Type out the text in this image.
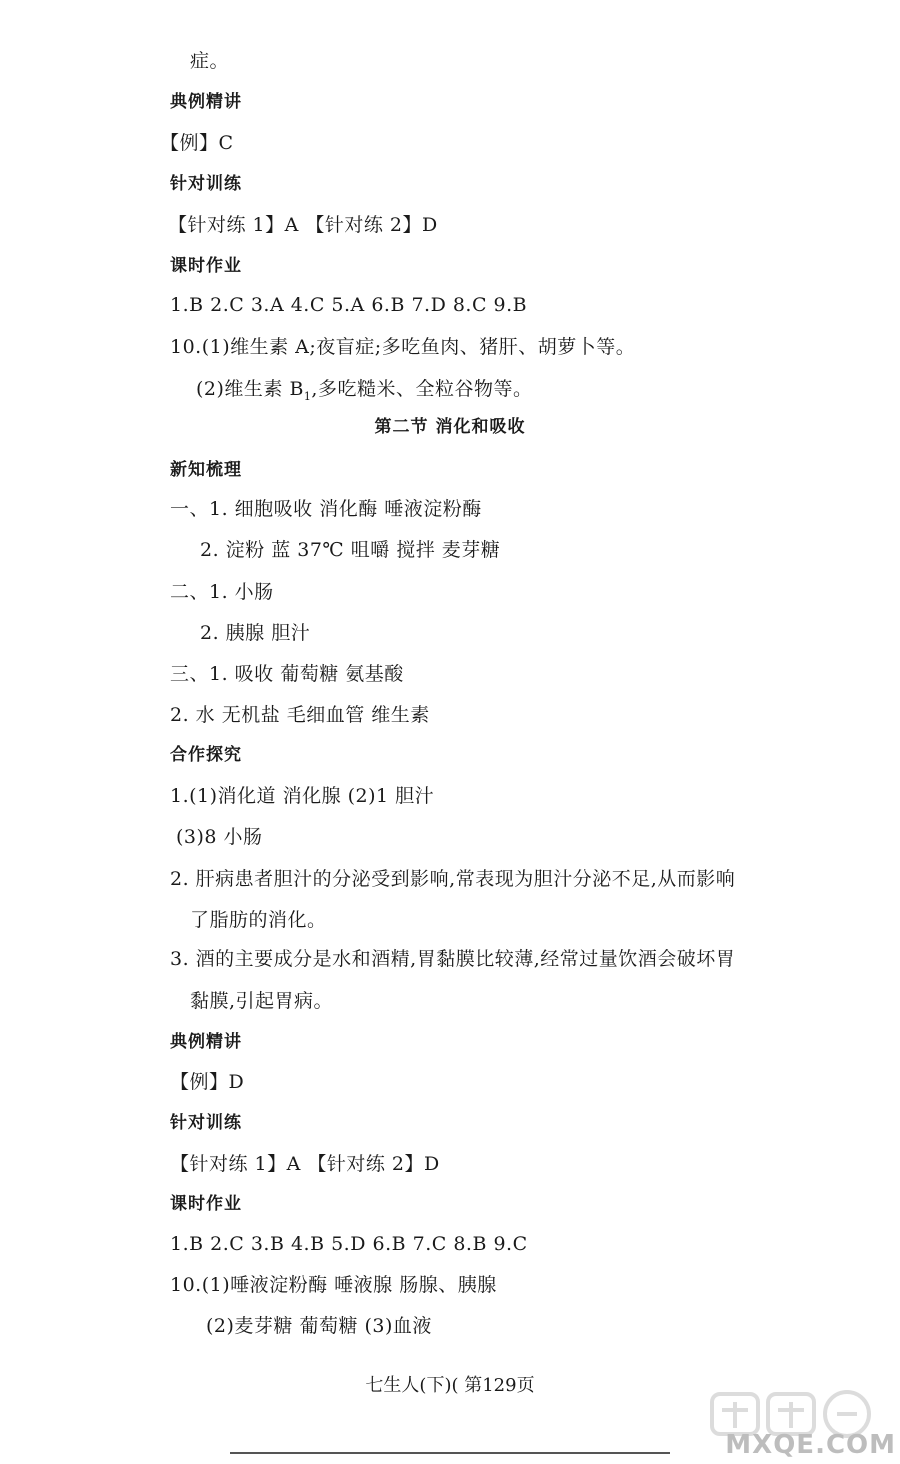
症。
典例精讲
【例】C
针对训练
【针对练 1】A 【针对练 2】D
课时作业
1.B 2.C 3.A 4.C 5.A 6.B 7.D 8.C 9.B
10.(1)维生素 A;夜盲症;多吃鱼肉、猪肝、胡萝卜等。
(2)维生素 $B_1$,多吃糙米、全粒谷物等。
第二节 消化和吸收
新知梳理
一、1. 细胞吸收 消化酶 唾液淀粉酶
2. 淀粉 蓝 37℃ 咀嚼 搅拌 麦芽糖
二、1. 小肠
2. 胰腺 胆汁
三、1. 吸收 葡萄糖 氨基酸
2. 水 无机盐 毛细血管 维生素
合作探究
1.(1)消化道 消化腺 (2)1 胆汁
(3)8 小肠
2. 肝病患者胆汁的分泌受到影响,常表现为胆汁分泌不足,从而影响
了脂肪的消化。
3. 酒的主要成分是水和酒精,胃黏膜比较薄,经常过量饮酒会破坏胃
黏膜,引起胃病。
典例精讲
【例】D
针对训练
【针对练 1】A 【针对练 2】D
课时作业
1.B 2.C 3.B 4.B 5.D 6.B 7.C 8.B 9.C
10.(1)唾液淀粉酶 唾液腺 肠腺、胰腺
(2)麦芽糖 葡萄糖 (3)血液
七生人(下)( 第129页
MXQE.COM
